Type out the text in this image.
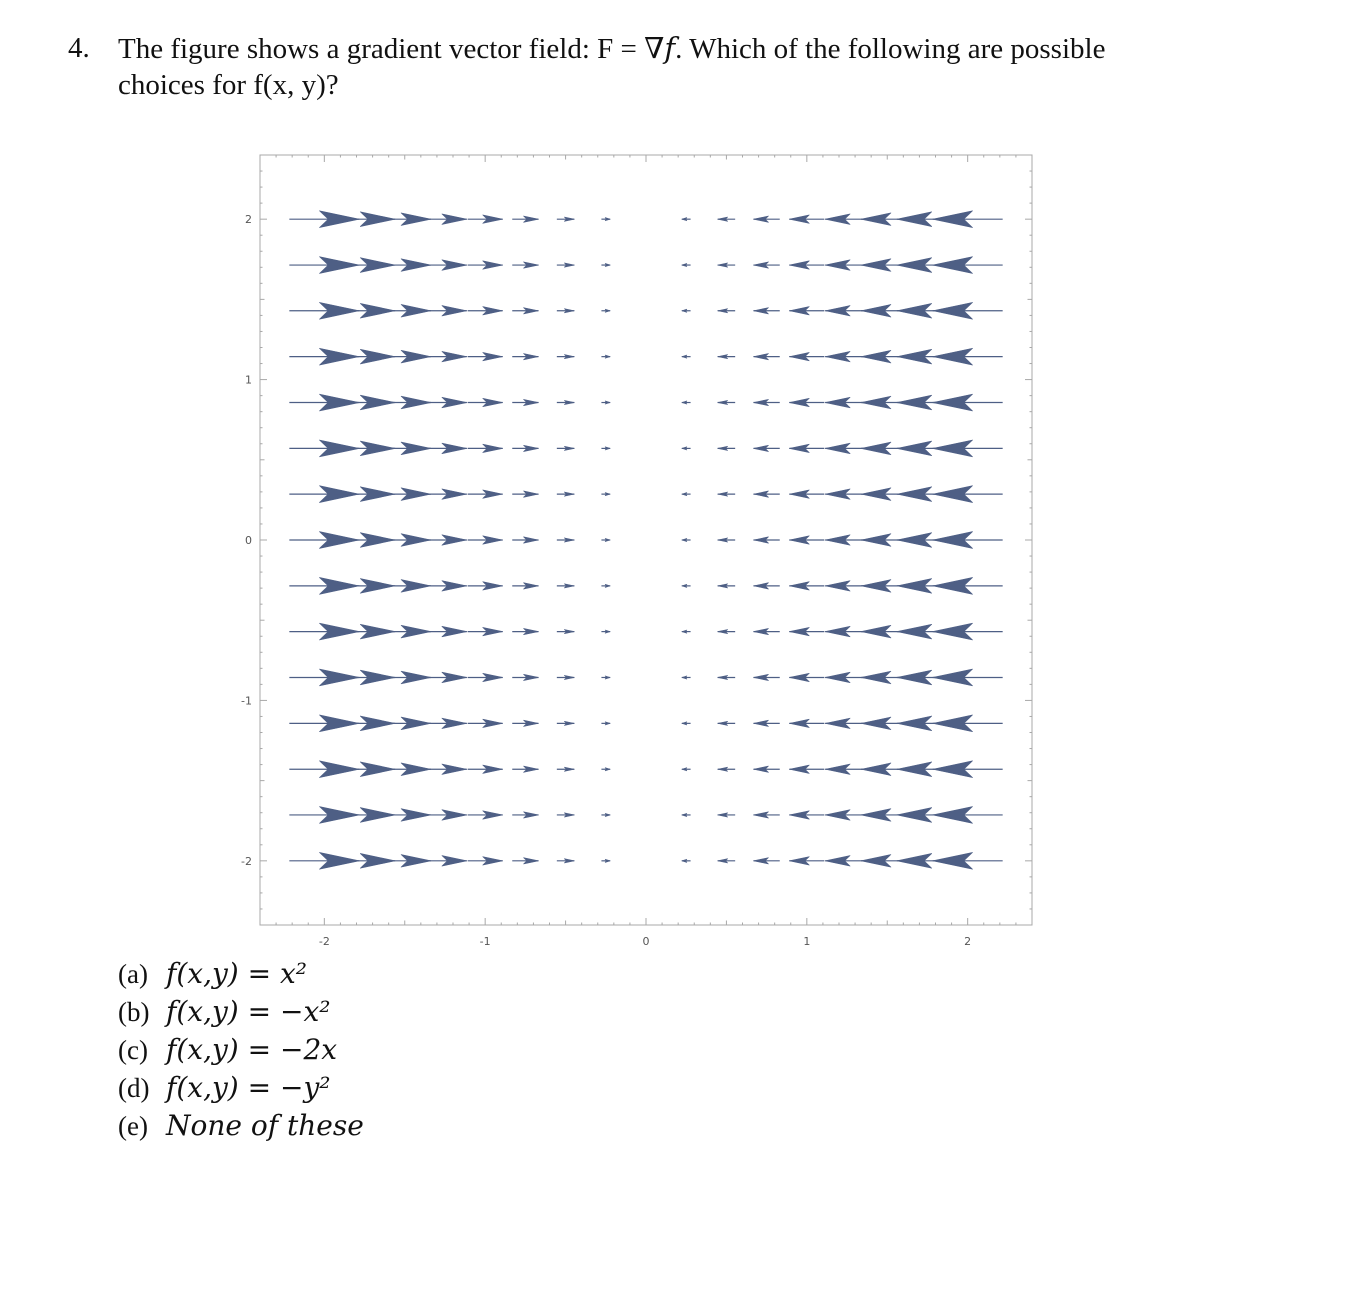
4. The figure shows a gradient vector field: F = ∇f. Which of the following are possible
choices for f(x, y)?
-2	-1	0	1	2
-2
-1
0
1
2
(a) f(x,y) = x²
(b) f(x,y) = −x²
(c) f(x,y) = −2x
(d) f(x,y) = −y²
(e) None of these
